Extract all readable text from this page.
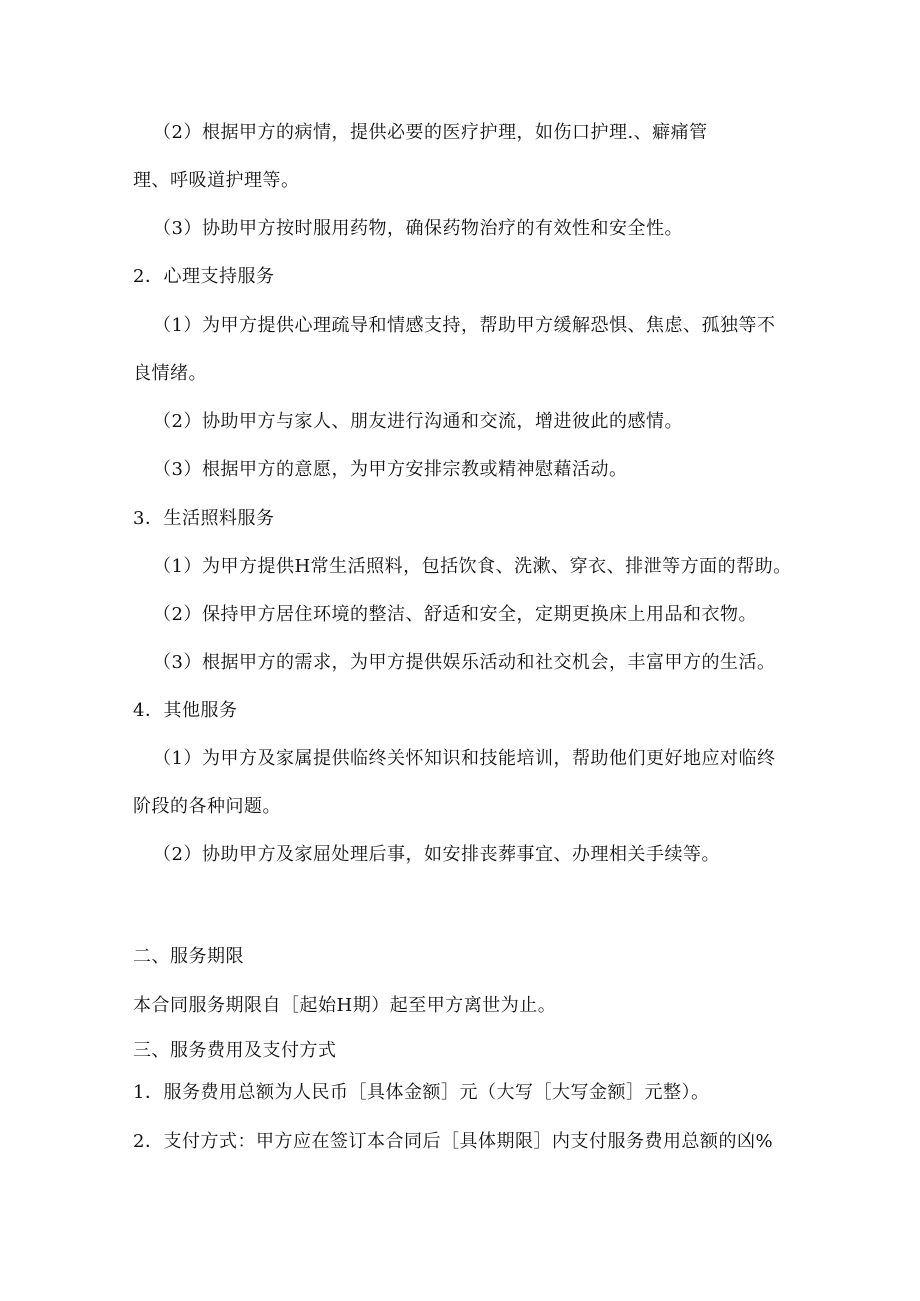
（2）根据甲方的病情，提供必要的医疗护理，如伤口护理.、癖痛管
理、呼吸道护理等。
（3）协助甲方按时服用药物，确保药物治疗的有效性和安全性。
2．心理支持服务
（1）为甲方提供心理疏导和情感支持，帮助甲方缓解恐惧、焦虑、孤独等不
良情绪。
（2）协助甲方与家人、朋友进行沟通和交流，增进彼此的感情。
（3）根据甲方的意愿，为甲方安排宗教或精神慰藉活动。
3．生活照料服务
（1）为甲方提供H常生活照料，包括饮食、洗漱、穿衣、排泄等方面的帮助。
（2）保持甲方居住环境的整洁、舒适和安全，定期更换床上用品和衣物。
（3）根据甲方的需求，为甲方提供娱乐活动和社交机会，丰富甲方的生活。
4．其他服务
（1）为甲方及家属提供临终关怀知识和技能培训，帮助他们更好地应对临终
阶段的各种问题。
（2）协助甲方及家屈处理后事，如安排丧葬事宜、办理相关手续等。
二、服务期限
本合同服务期限自［起始H期）起至甲方离世为止。
三、服务费用及支付方式
1．服务费用总额为人民币［具体金额］元（大写［大写金额］元整）。
2．支付方式：甲方应在签订本合同后［具体期限］内支付服务费用总额的凶%
